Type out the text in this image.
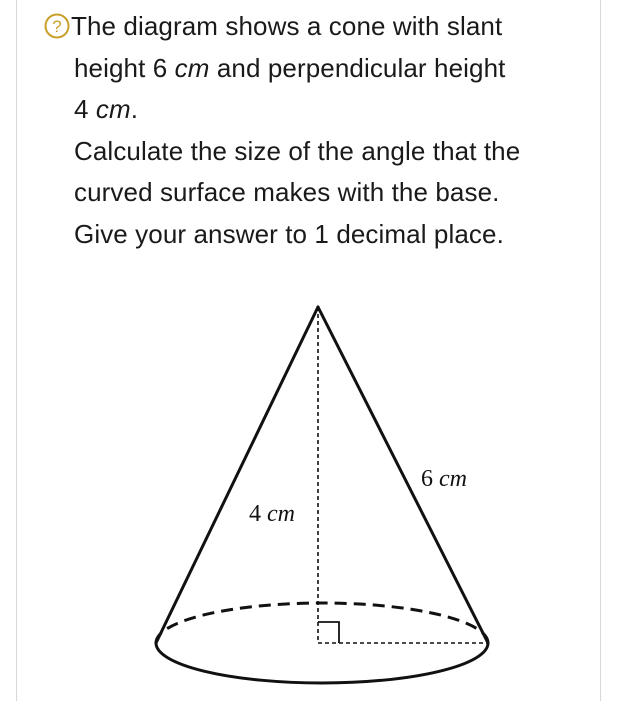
? The diagram shows a cone with slant
height 6 cm and perpendicular height
4 cm.

Calculate the size of the angle that the
curved surface makes with the base.

Give your answer to 1 decimal place.

4 cm
6 cm
